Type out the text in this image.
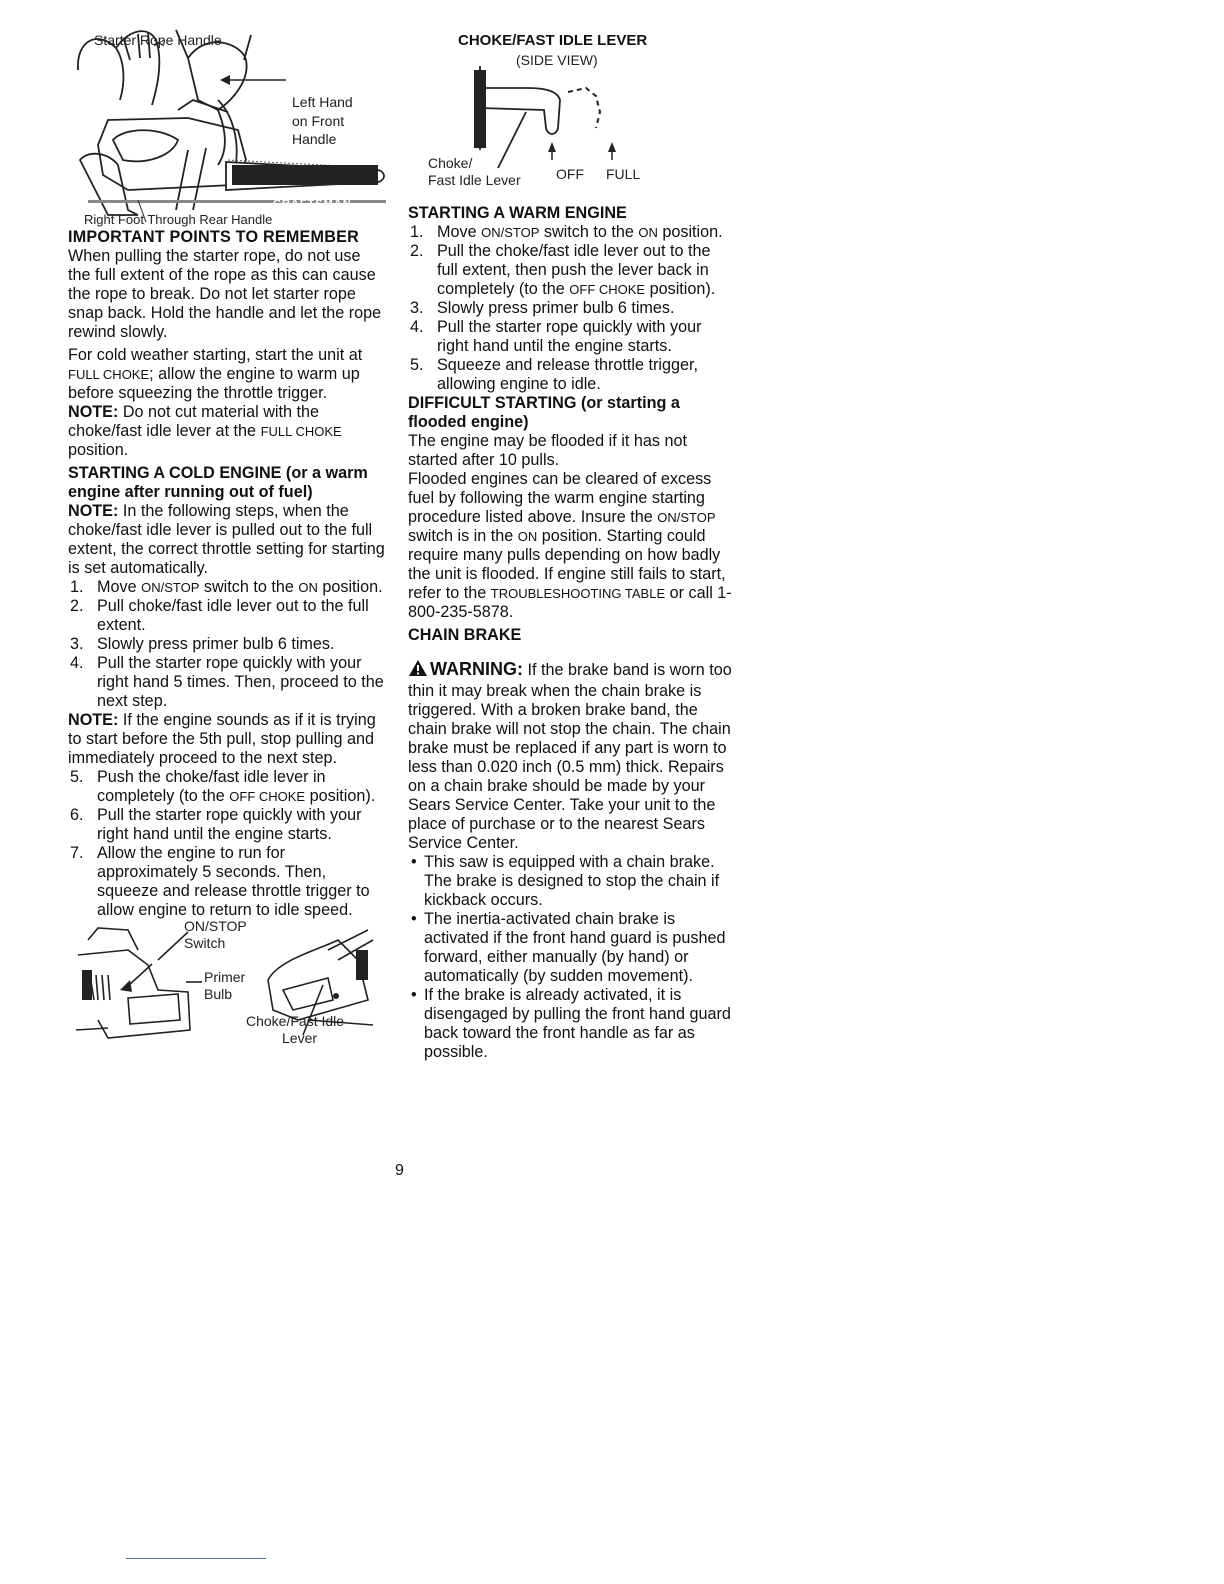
Starter Rope Handle
Left Hand
on Front
Handle
CRAFTSMAN
Right Foot Through Rear Handle
IMPORTANT POINTS TO REMEMBER

When pulling the starter rope, do not use the full extent of the rope as this can cause the rope to break. Do not let starter rope snap back. Hold the handle and let the rope rewind slowly.

For cold weather starting, start the unit at FULL CHOKE; allow the engine to warm up before squeezing the throttle trigger.

NOTE: Do not cut material with the choke/fast idle lever at the FULL CHOKE position.

STARTING A COLD ENGINE (or a warm engine after running out of fuel)

NOTE: In the following steps, when the choke/fast idle lever is pulled out to the full extent, the correct throttle setting for starting is set automatically.

1. Move ON/STOP switch to the ON position.
2. Pull choke/fast idle lever out to the full extent.
3. Slowly press primer bulb 6 times.
4. Pull the starter rope quickly with your right hand 5 times. Then, proceed to the next step.

NOTE: If the engine sounds as if it is trying to start before the 5th pull, stop pulling and immediately proceed to the next step.

5. Push the choke/fast idle lever in completely (to the OFF CHOKE position).
6. Pull the starter rope quickly with your right hand until the engine starts.
7. Allow the engine to run for approximately 5 seconds. Then, squeeze and release throttle trigger to allow engine to return to idle speed.
ON/STOP
Switch
Primer
Bulb
Choke/Fast Idle
Lever
CHOKE/FAST IDLE LEVER
(SIDE VIEW)
Choke/
Fast Idle Lever	OFF FULL
STARTING A WARM ENGINE
1. Move ON/STOP switch to the ON position.
2. Pull the choke/fast idle lever out to the full extent, then push the lever back in completely (to the OFF CHOKE position).
3. Slowly press primer bulb 6 times.
4. Pull the starter rope quickly with your right hand until the engine starts.
5. Squeeze and release throttle trigger, allowing engine to idle.
DIFFICULT STARTING (or starting a flooded engine)

The engine may be flooded if it has not started after 10 pulls.

Flooded engines can be cleared of excess fuel by following the warm engine starting procedure listed above. Insure the ON/STOP switch is in the ON position. Starting could require many pulls depending on how badly the unit is flooded. If engine still fails to start, refer to the TROUBLESHOOTING TABLE or call 1-800-235-5878.

CHAIN BRAKE

WARNING: If the brake band is worn too thin it may break when the chain brake is triggered. With a broken brake band, the chain brake will not stop the chain. The chain brake must be replaced if any part is worn to less than 0.020 inch (0.5 mm) thick. Repairs on a chain brake should be made by your Sears Service Center. Take your unit to the place of purchase or to the nearest Sears Service Center.

• This saw is equipped with a chain brake. The brake is designed to stop the chain if kickback occurs.
• The inertia-activated chain brake is activated if the front hand guard is pushed forward, either manually (by hand) or automatically (by sudden movement).
• If the brake is already activated, it is disengaged by pulling the front hand guard back toward the front handle as far as possible.
9
